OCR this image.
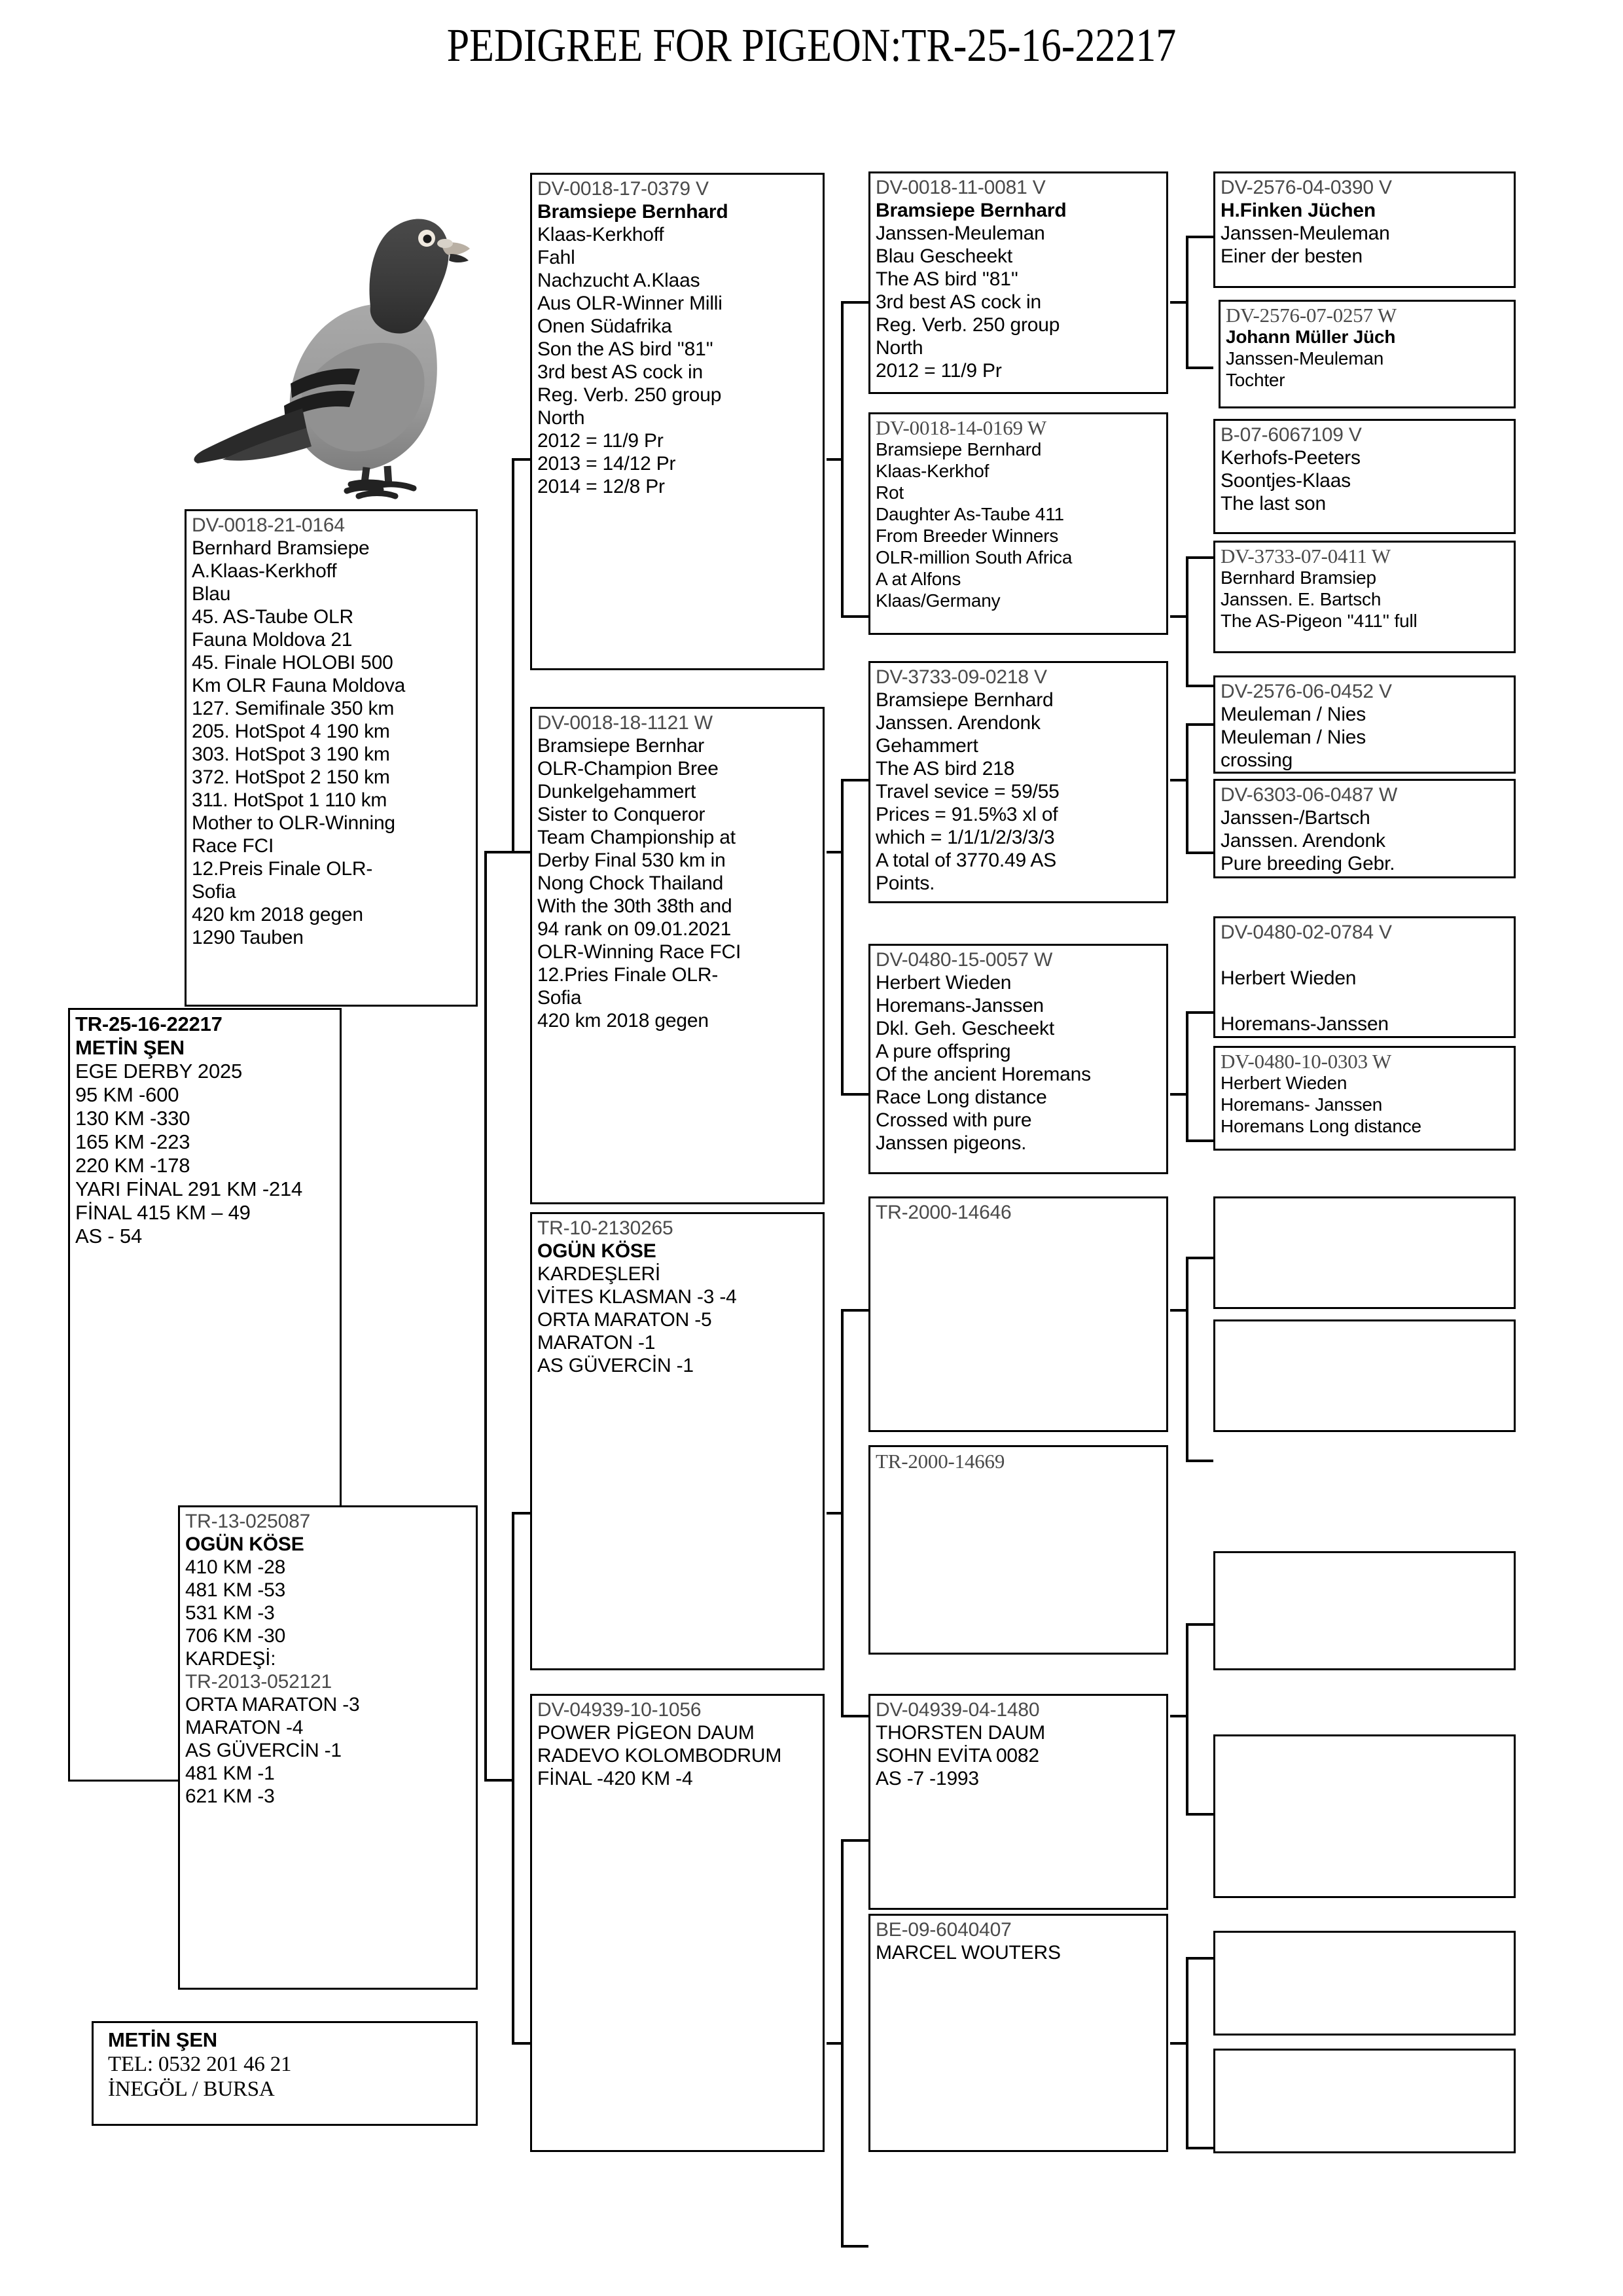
PEDIGREE FOR PIGEON:TR-25-16-22217
TR-25-16-22217
METİN ŞEN
EGE DERBY 2025
95 KM -600
130 KM -330
165 KM -223
220 KM -178
YARI FİNAL 291 KM -214
FİNAL 415 KM – 49
AS - 54
DV-0018-21-0164
Bernhard Bramsiepe
A.Klaas-Kerkhoff
Blau
45. AS-Taube OLR
Fauna Moldova 21
45. Finale HOLOBI 500
Km OLR Fauna Moldova
127. Semifinale 350 km
205. HotSpot 4 190 km
303. HotSpot 3 190 km
372. HotSpot 2 150 km
311. HotSpot 1 110 km
Mother to OLR-Winning
Race FCI
12.Preis Finale OLR-
Sofia
420 km 2018 gegen
1290 Tauben
TR-13-025087
OGÜN KÖSE
410 KM -28
481 KM -53
531 KM -3
706 KM -30
KARDEŞİ:
TR-2013-052121
ORTA MARATON -3
MARATON -4
AS GÜVERCİN -1
481 KM -1
621 KM -3
DV-0018-17-0379 V
Bramsiepe Bernhard
Klaas-Kerkhoff
Fahl
Nachzucht A.Klaas
Aus OLR-Winner Milli
Onen Südafrika
Son the AS bird ''81''
3rd best AS cock in
Reg. Verb. 250 group
North
2012 = 11/9 Pr
2013 = 14/12 Pr
2014 = 12/8 Pr
DV-0018-18-1121 W
Bramsiepe Bernhar
OLR-Champion Bree
Dunkelgehammert
Sister to Conqueror
Team Championship at
Derby Final 530 km in
Nong Chock Thailand
With the 30th 38th and
94 rank on 09.01.2021
OLR-Winning Race FCI
12.Pries Finale OLR-
Sofia
420 km 2018 gegen
TR-10-2130265
OGÜN KÖSE
KARDEŞLERİ
VİTES KLASMAN -3 -4
ORTA MARATON -5
MARATON -1
AS GÜVERCİN -1
DV-04939-10-1056
POWER PİGEON DAUM
RADEVO KOLOMBODRUM
FİNAL -420 KM -4
DV-0018-11-0081 V
Bramsiepe Bernhard
Janssen-Meuleman
Blau Gescheekt
The AS bird ''81''
3rd best AS cock in
Reg. Verb. 250 group
North
2012 = 11/9 Pr
DV-0018-14-0169 W
Bramsiepe Bernhard
Klaas-Kerkhof
Rot
Daughter As-Taube 411
From Breeder Winners
OLR-million South Africa
A at Alfons
Klaas/Germany
DV-3733-09-0218 V
Bramsiepe Bernhard
Janssen. Arendonk
Gehammert
The AS bird 218
Travel sevice = 59/55
Prices = 91.5%3 xl of
which = 1/1/1/2/3/3/3
A total of 3770.49 AS
Points.
DV-0480-15-0057 W
Herbert Wieden
Horemans-Janssen
Dkl. Geh. Gescheekt
A pure offspring
Of the ancient Horemans
Race Long distance
Crossed with pure
Janssen pigeons.
TR-2000-14646
TR-2000-14669
DV-04939-04-1480
THORSTEN DAUM
SOHN EVİTA 0082
AS -7 -1993
BE-09-6040407
MARCEL WOUTERS
DV-2576-04-0390 V
H.Finken Jüchen
Janssen-Meuleman
Einer der besten
DV-2576-07-0257 W
Johann Müller Jüch
Janssen-Meuleman
Tochter
B-07-6067109 V
Kerhofs-Peeters
Soontjes-Klaas
The last son
DV-3733-07-0411 W
Bernhard Bramsiep
Janssen. E. Bartsch
The AS-Pigeon ''411'' full
DV-2576-06-0452 V
Meuleman / Nies
Meuleman / Nies
crossing
DV-6303-06-0487 W
Janssen-/Bartsch
Janssen. Arendonk
Pure breeding Gebr.
DV-0480-02-0784 V
Herbert Wieden
Horemans-Janssen
DV-0480-10-0303 W
Herbert Wieden
Horemans- Janssen
Horemans Long distance
METİN ŞEN
TEL: 0532 201 46 21
İNEGÖL / BURSA
